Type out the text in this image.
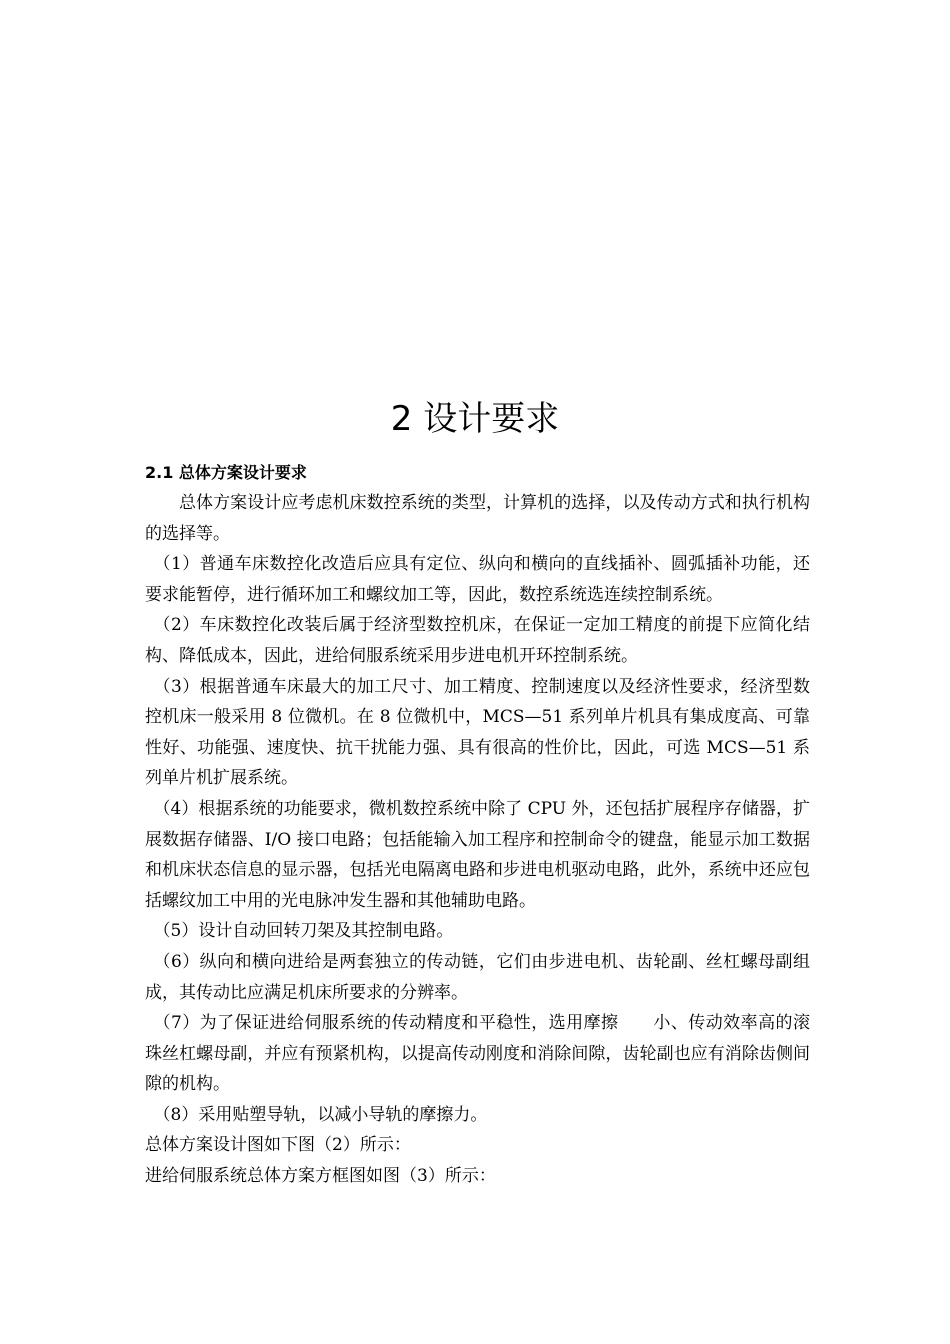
2 设计要求
2.1 总体方案设计要求

总体方案设计应考虑机床数控系统的类型，计算机的选择，以及传动方式和执行机构的选择等。

（1）普通车床数控化改造后应具有定位、纵向和横向的直线插补、圆弧插补功能，还要求能暂停，进行循环加工和螺纹加工等，因此，数控系统选连续控制系统。

（2）车床数控化改装后属于经济型数控机床，在保证一定加工精度的前提下应简化结构、降低成本，因此，进给伺服系统采用步进电机开环控制系统。

（3）根据普通车床最大的加工尺寸、加工精度、控制速度以及经济性要求，经济型数控机床一般采用 8 位微机。在 8 位微机中，MCS—51 系列单片机具有集成度高、可靠性好、功能强、速度快、抗干扰能力强、具有很高的性价比，因此，可选 MCS—51 系列单片机扩展系统。

（4）根据系统的功能要求，微机数控系统中除了 CPU 外，还包括扩展程序存储器，扩展数据存储器、I/O 接口电路；包括能输入加工程序和控制命令的键盘，能显示加工数据和机床状态信息的显示器，包括光电隔离电路和步进电机驱动电路，此外，系统中还应包括螺纹加工中用的光电脉冲发生器和其他辅助电路。

（5）设计自动回转刀架及其控制电路。

（6）纵向和横向进给是两套独立的传动链，它们由步进电机、齿轮副、丝杠螺母副组成，其传动比应满足机床所要求的分辨率。

（7）为了保证进给伺服系统的传动精度和平稳性，选用摩擦　　小、传动效率高的滚珠丝杠螺母副，并应有预紧机构，以提高传动刚度和消除间隙，齿轮副也应有消除齿侧间隙的机构。

（8）采用贴塑导轨，以减小导轨的摩擦力。

总体方案设计图如下图（2）所示：

进给伺服系统总体方案方框图如图（3）所示：
